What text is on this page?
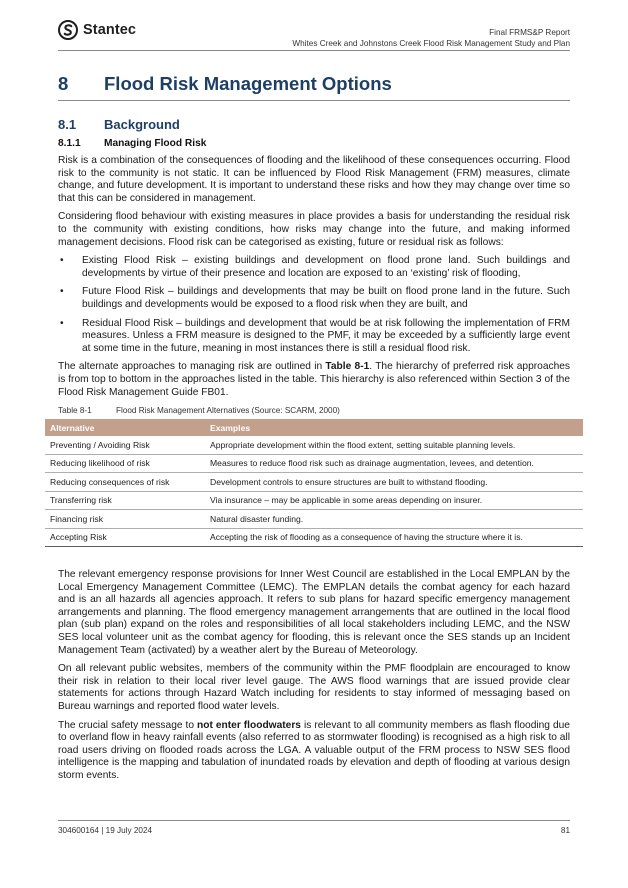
Stantec	Final FRMS&P Report
Whites Creek and Johnstons Creek Flood Risk Management Study and Plan
8 Flood Risk Management Options
8.1 Background
8.1.1 Managing Flood Risk

Risk is a combination of the consequences of flooding and the likelihood of these consequences occurring. Flood risk to the community is not static. It can be influenced by Flood Risk Management (FRM) measures, climate change, and future development. It is important to understand these risks and how they may change over time so that this can be considered in management.

Considering flood behaviour with existing measures in place provides a basis for understanding the residual risk to the community with existing conditions, how risks may change into the future, and making informed management decisions. Flood risk can be categorised as existing, future or residual risk as follows:

• Existing Flood Risk – existing buildings and development on flood prone land. Such buildings and developments by virtue of their presence and location are exposed to an ‘existing’ risk of flooding,
• Future Flood Risk – buildings and developments that may be built on flood prone land in the future. Such buildings and developments would be exposed to a flood risk when they are built, and
• Residual Flood Risk – buildings and development that would be at risk following the implementation of FRM measures. Unless a FRM measure is designed to the PMF, it may be exceeded by a sufficiently large event at some time in the future, meaning in most instances there is still a residual flood risk.

The alternate approaches to managing risk are outlined in Table 8-1. The hierarchy of preferred risk approaches is from top to bottom in the approaches listed in the table. This hierarchy is also referenced within Section 3 of the Flood Risk Management Guide FB01.

Table 8-1	Flood Risk Management Alternatives (Source: SCARM, 2000)
Alternative	Examples
Preventing / Avoiding Risk	Appropriate development within the flood extent, setting suitable planning levels.
Reducing likelihood of risk	Measures to reduce flood risk such as drainage augmentation, levees, and detention.
Reducing consequences of risk	Development controls to ensure structures are built to withstand flooding.
Transferring risk	Via insurance – may be applicable in some areas depending on insurer.
Financing risk	Natural disaster funding.
Accepting Risk	Accepting the risk of flooding as a consequence of having the structure where it is.

The relevant emergency response provisions for Inner West Council are established in the Local EMPLAN by the Local Emergency Management Committee (LEMC). The EMPLAN details the combat agency for each hazard and is an all hazards all agencies approach. It refers to sub plans for hazard specific emergency management arrangements and planning. The flood emergency management arrangements that are outlined in the local flood plan (sub plan) expand on the roles and responsibilities of all local stakeholders including LEMC, and the NSW SES local volunteer unit as the combat agency for flooding, this is relevant once the SES stands up an Incident Management Team (activated) by a weather alert by the Bureau of Meteorology.

On all relevant public websites, members of the community within the PMF floodplain are encouraged to know their risk in relation to their local river level gauge. The AWS flood warnings that are issued provide clear statements for actions through Hazard Watch including for residents to stay informed of messaging based on Bureau warnings and reported flood water levels.

The crucial safety message to not enter floodwaters is relevant to all community members as flash flooding due to overland flow in heavy rainfall events (also referred to as stormwater flooding) is recognised as a high risk to all road users driving on flooded roads across the LGA. A valuable output of the FRM process to NSW SES flood intelligence is the mapping and tabulation of inundated roads by elevation and depth of flooding at various design storm events.

304600164 | 19 July 2024	81
